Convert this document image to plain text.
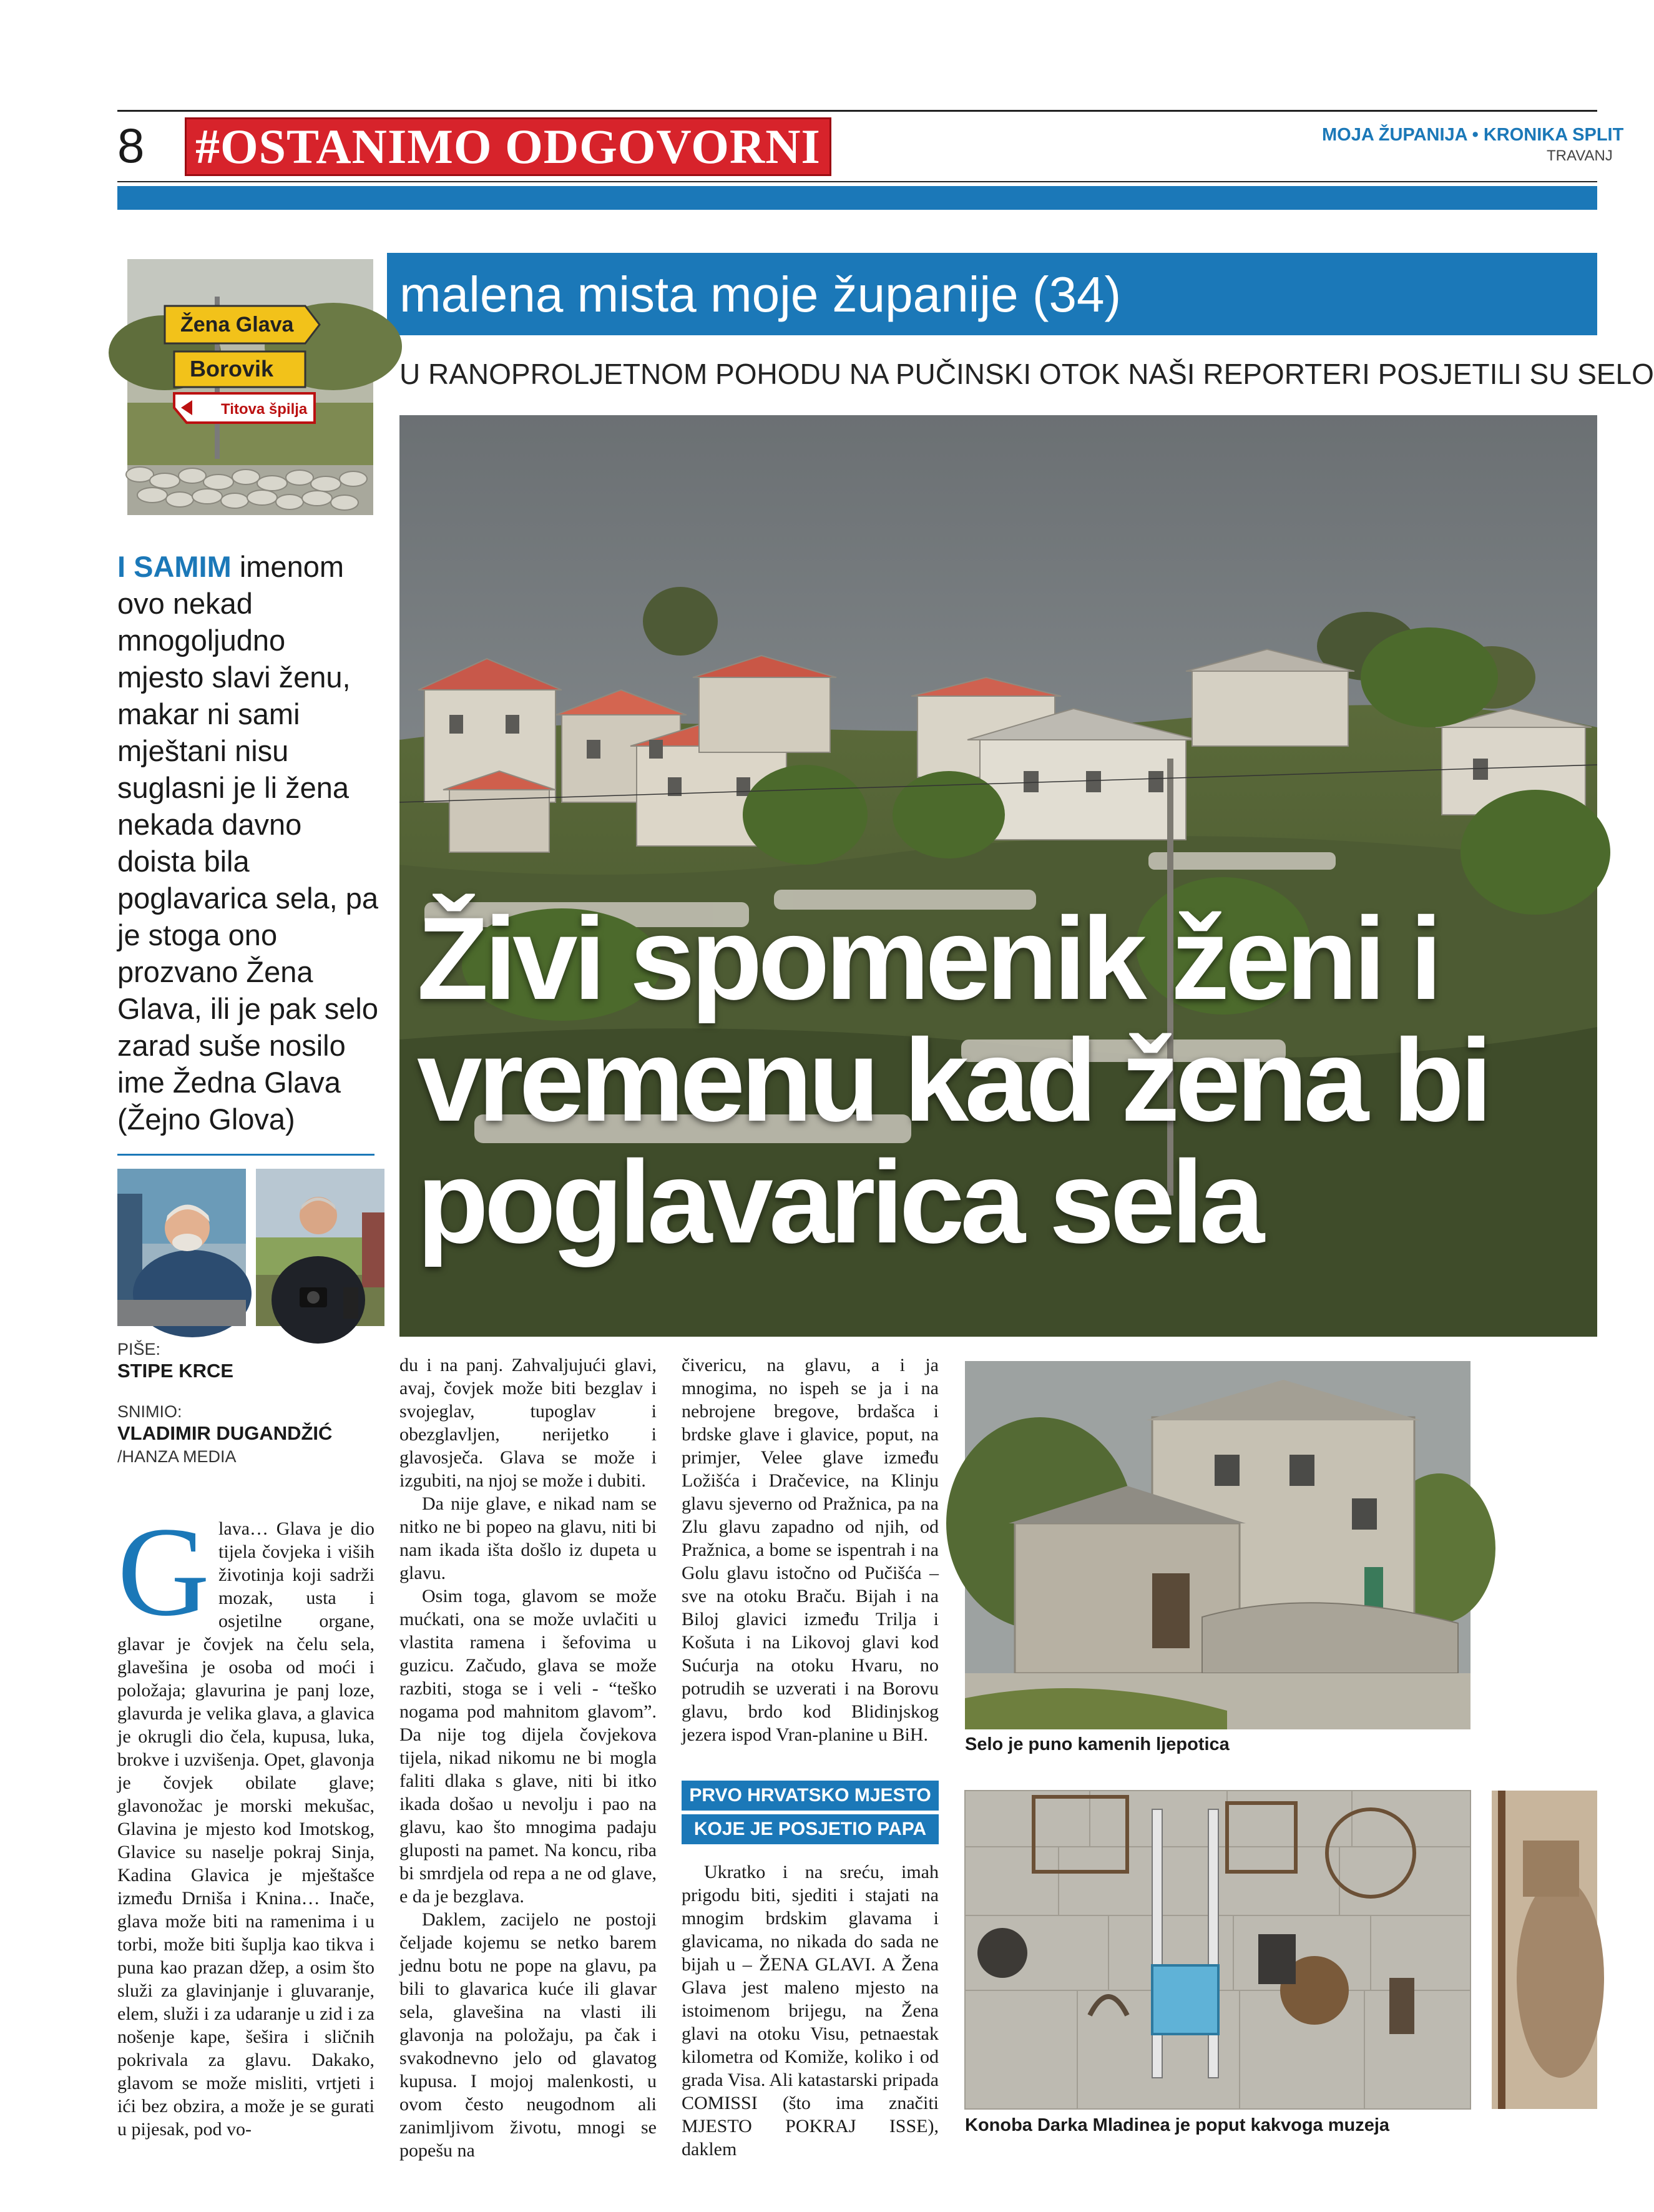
8 #OSTANIMO ODGOVORNI	MOJA ŽUPANIJA • KRONIKA SPLIT
TRAVANJ
malena mista moje županije (34)
U RANOPROLJETNOM POHODU NA PUČINSKI OTOK NAŠI REPORTERI POSJETILI SU SELO
Žena Glava
Borovik
Titova špilja
I SAMIM imenom ovo nekad mnogoljudno mjesto slavi ženu, makar ni sami mještani nisu suglasni je li žena nekada davno doista bila poglavarica sela, pa je stoga ono prozvano Žena Glava, ili je pak selo zarad suše nosilo ime Žedna Glava (Žejno Glova)
PIŠE:
STIPE KRCE
SNIMIO:
VLADIMIR DUGANDŽIĆ
/HANZA MEDIA
Živi spomenik ženi i vremenu kad žena bi poglavarica sela
G lava… Glava je dio tijela čovjeka i viših životinja koji sadrži mozak, usta i osjetilne organe, glavar je čovjek na čelu sela, glavešina je osoba od moći i položaja; glavurina je panj loze, glavurda je velika glava, a glavica je okrugli dio čela, kupusa, luka, brokve i uzvišenja. Opet, glavonja je čovjek obilate glave; glavonožac je morski mekušac, Glavina je mjesto kod Imotskog, Glavice su naselje pokraj Sinja, Kadina Glavica je mještašce između Drniša i Knina… Inače, glava može biti na ramenima i u torbi, može biti šuplja kao tikva i puna kao prazan džep, a osim što služi za glavinjanje i gluvaranje, elem, služi i za udaranje u zid i za nošenje kape, šešira i sličnih pokrivala za glavu. Dakako, glavom se može misliti, vrtjeti i ići bez obzira, a može je se gurati u pijesak, pod vo-

du i na panj. Zahvaljujući glavi, avaj, čovjek može biti bezglav i svojeglav, tupoglav i obezglavljen, nerijetko i glavosječa. Glava se može i izgubiti, na njoj se može i dubiti.

Da nije glave, e nikad nam se nitko ne bi popeo na glavu, niti bi nam ikada išta došlo iz dupeta u glavu.

Osim toga, glavom se može mućkati, ona se može uvlačiti u vlastita ramena i šefovima u guzicu. Začudo, glava se može razbiti, stoga se i veli - “teško nogama pod mahnitom glavom”. Da nije tog dijela čovjekova tijela, nikad nikomu ne bi mogla faliti dlaka s glave, niti bi itko ikada došao u nevolju i pao na glavu, kao što mnogima padaju gluposti na pamet. Na koncu, riba bi smrdjela od repa a ne od glave, e da je bezglava.

Daklem, zacijelo ne postoji čeljade kojemu se netko barem jednu botu ne pope na glavu, pa bili to glavarica kuće ili glavar sela, glavešina na vlasti ili glavonja na položaju, pa čak i svakodnevno jelo od glavatog kupusa. I mojoj malenkosti, u ovom često neugodnom ali zanimljivom životu, mnogi se popešu na

čivericu, na glavu, a i ja mnogima, no ispeh se ja i na nebrojene bregove, brdašca i brdske glave i glavice, poput, na primjer, Velee glave između Ložišća i Dračevice, na Klinju glavu sjeverno od Pražnica, pa na Zlu glavu zapadno od njih, od Pražnica, a bome se ispentrah i na Golu glavu istočno od Pučišća – sve na otoku Braču. Bijah i na Biloj glavici između Trilja i Košuta i na Likovoj glavi kod Sućurja na otoku Hvaru, no potrudih se uzveratі i na Borovu glavu, brdo kod Blidinjskog jezera ispod Vran-planine u BiH.

PRVO HRVATSKO MJESTO
KOJE JE POSJETIO PAPA

Ukratko i na sreću, imah prigodu biti, sjediti i stajati na mnogim brdskim glavama i glavicama, no nikada do sada ne bijah u – ŽENA GLAVI. A Žena Glava jest maleno mjesto na istoimenom brijegu, na Žena glavi na otoku Visu, petnaestak kilometra od Komiže, koliko i od grada Visa. Ali katastarski pripada COMISSI (što ima značiti MJESTO POKRAJ ISSE), daklem

Selo je puno kamenih ljepotica
Konoba Darka Mladinea je poput kakvoga muzeja
